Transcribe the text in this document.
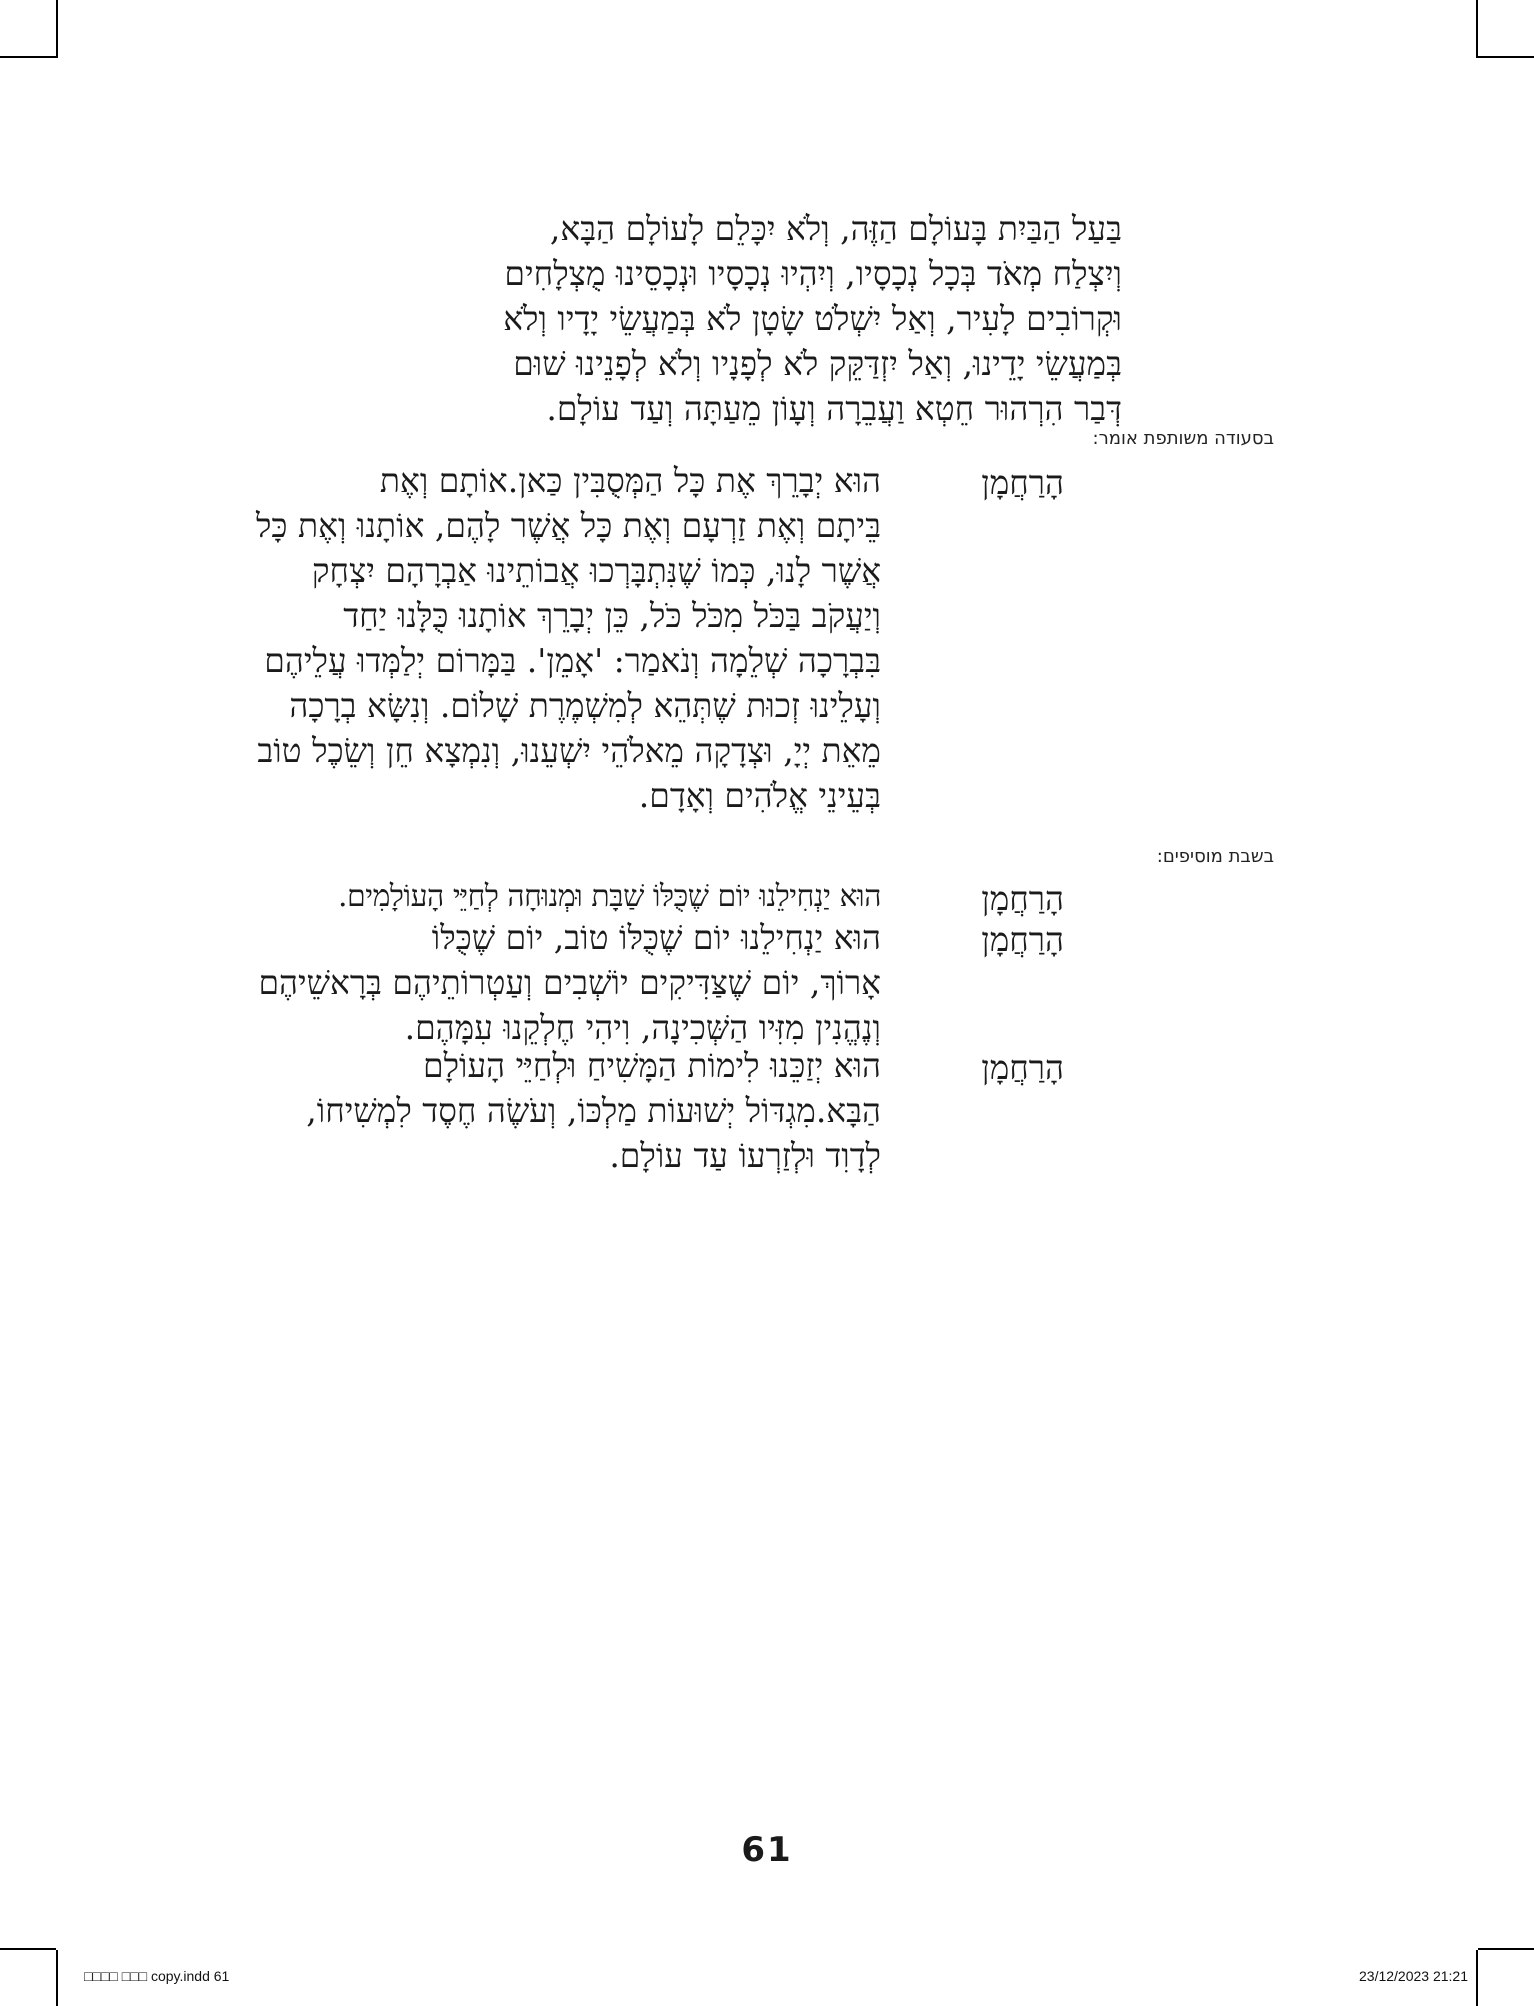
בַּעַל הַבַּיִת בָּעוֹלָם הַזֶּה, וְלֹא יִכָּלֵם לָעוֹלָם הַבָּא,
וְיִצְלַח מְאֹד בְּכָל נְכָסָיו, וְיִהְיוּ נְכָסָיו וּנְכָסֵינוּ מֻצְלָחִים
וּקְרוֹבִים לָעִיר, וְאַל יִשְׁלֹט שָׂטָן לֹא בְּמַעֲשֵׂי יָדָיו וְלֹא
בְּמַעֲשֵׂי יָדֵינוּ, וְאַל יִזְדַּקֵּק לֹא לְפָנָיו וְלֹא לְפָנֵינוּ שׁוּם
דְּבַר הִרְהוּר חֵטְא וַעֲבֵרָה וְעָוֹן מֵעַתָּה וְעַד עוֹלָם.
בסעודה משותפת אומר:
הָרַחֲמָן
הוּא יְבָרֵךְ אֶת כָּל הַמְּסֻבִּין כַּאן.אוֹתָם וְאֶת
בֵּיתָם וְאֶת זַרְעָם וְאֶת כָּל אֲשֶׁר לָהֶם, אוֹתָנוּ וְאֶת כָּל
אֲשֶׁר לָנוּ, כְּמוֹ שֶׁנִּתְבָּרְכוּ אֲבוֹתֵינוּ אַבְרָהָם יִצְחָק
וְיַעֲקֹב בַּכֹּל מִכֹּל כֹּל, כֵּן יְבָרֵךְ אוֹתָנוּ כֻּלָּנוּ יַחַד
בִּבְרָכָה שְׁלֵמָה וְנֹאמַר: 'אָמֵן'. בַּמָּרוֹם יְלַמְּדוּ עֲלֵיהֶם
וְעָלֵינוּ זְכוּת שֶׁתְּהֵא לְמִשְׁמֶרֶת שָׁלוֹם. וְנִשָּׂא בְרָכָה
מֵאֵת יְיָ, וּצְדָקָה מֵאלֹהֵי יִשְׁעֵנוּ, וְנִמְצָא חֵן וְשֵׂכֶל טוֹב
בְּעֵינֵי אֱלֹהִים וְאָדָם.
בשבת מוסיפים:
הָרַחֲמָן
הָרַחֲמָן
הָרַחֲמָן
הוּא יַנְחִילֵנוּ יוֹם שֶׁכֻּלּוֹ שַׁבָּת וּמְנוּחָה לְחַיֵּי הָעוֹלָמִים.
הוּא יַנְחִילֵנוּ יוֹם שֶׁכֻּלּוֹ טוֹב, יוֹם שֶׁכֻּלּוֹ
אָרוֹךְ, יוֹם שֶׁצַּדִּיקִים יוֹשְׁבִים וְעַטְרוֹתֵיהֶם בְּרָאשֵׁיהֶם
וְנֶהֱנִין מִזִּיו הַשְּׁכִינָה, וִיהִי חֶלְקֵנוּ עִמָּהֶם.
הוּא יְזַכֵּנוּ לִימוֹת הַמָּשִׁיחַ וּלְחַיֵּי הָעוֹלָם
הַבָּא.מִגְדּוֹל יְשׁוּעוֹת מַלְכּוֹ, וְעֹשֶׂה חֶסֶד לִמְשִׁיחוֹ,
לְדָוִד וּלְזַרְעוֹ עַד עוֹלָם.
61
□□□□ □□□ copy.indd 61	23/12/2023 21:21
